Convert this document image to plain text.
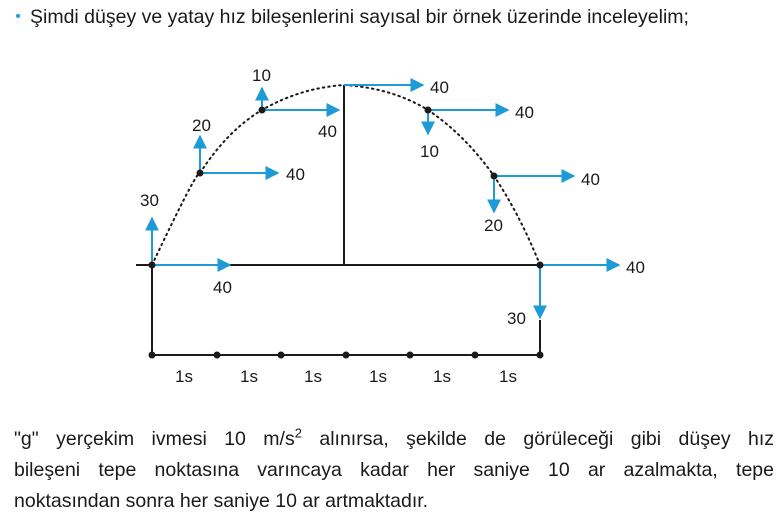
• Şimdi düşey ve yatay hız bileşenlerini sayısal bir örnek üzerinde inceleyelim;
30
40
20
40
10
40
40
10
40
20
40
40
30
1s	1s	1s	1s	1s	1s
"g" yerçekim ivmesi 10 $m/s^2$ alınırsa, şekilde de görüleceği gibi düşey hız
bileşeni tepe noktasına varıncaya kadar her saniye 10 ar azalmakta, tepe
noktasından sonra her saniye 10 ar artmaktadır.
